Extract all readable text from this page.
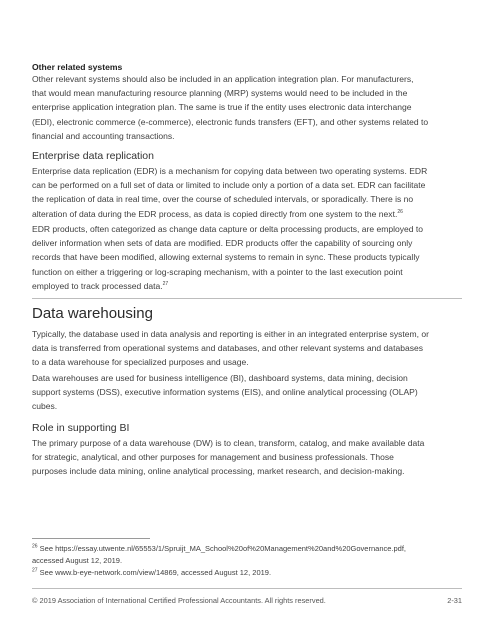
Other related systems
Other relevant systems should also be included in an application integration plan. For manufacturers,
that would mean manufacturing resource planning (MRP) systems would need to be included in the
enterprise application integration plan. The same is true if the entity uses electronic data interchange
(EDI), electronic commerce (e-commerce), electronic funds transfers (EFT), and other systems related to
financial and accounting transactions.
Enterprise data replication
Enterprise data replication (EDR) is a mechanism for copying data between two operating systems. EDR
can be performed on a full set of data or limited to include only a portion of a data set. EDR can facilitate
the replication of data in real time, over the course of scheduled intervals, or sporadically. There is no
alteration of data during the EDR process, as data is copied directly from one system to the next.$^{26}$
EDR products, often categorized as change data capture or delta processing products, are employed to
deliver information when sets of data are modified. EDR products offer the capability of sourcing only
records that have been modified, allowing external systems to remain in sync. These products typically
function on either a triggering or log-scraping mechanism, with a pointer to the last execution point
employed to track processed data.$^{27}$
Data warehousing
Typically, the database used in data analysis and reporting is either in an integrated enterprise system, or
data is transferred from operational systems and databases, and other relevant systems and databases
to a data warehouse for specialized purposes and usage.
Data warehouses are used for business intelligence (BI), dashboard systems, data mining, decision
support systems (DSS), executive information systems (EIS), and online analytical processing (OLAP)
cubes.
Role in supporting BI
The primary purpose of a data warehouse (DW) is to clean, transform, catalog, and make available data
for strategic, analytical, and other purposes for management and business professionals. Those
purposes include data mining, online analytical processing, market research, and decision-making.
$^{26}$ See https://essay.utwente.nl/65553/1/Spruijt_MA_School%20of%20Management%20and%20Governance.pdf,
accessed August 12, 2019.
$^{27}$ See www.b-eye-network.com/view/14869, accessed August 12, 2019.
© 2019 Association of International Certified Professional Accountants. All rights reserved.	2-31
